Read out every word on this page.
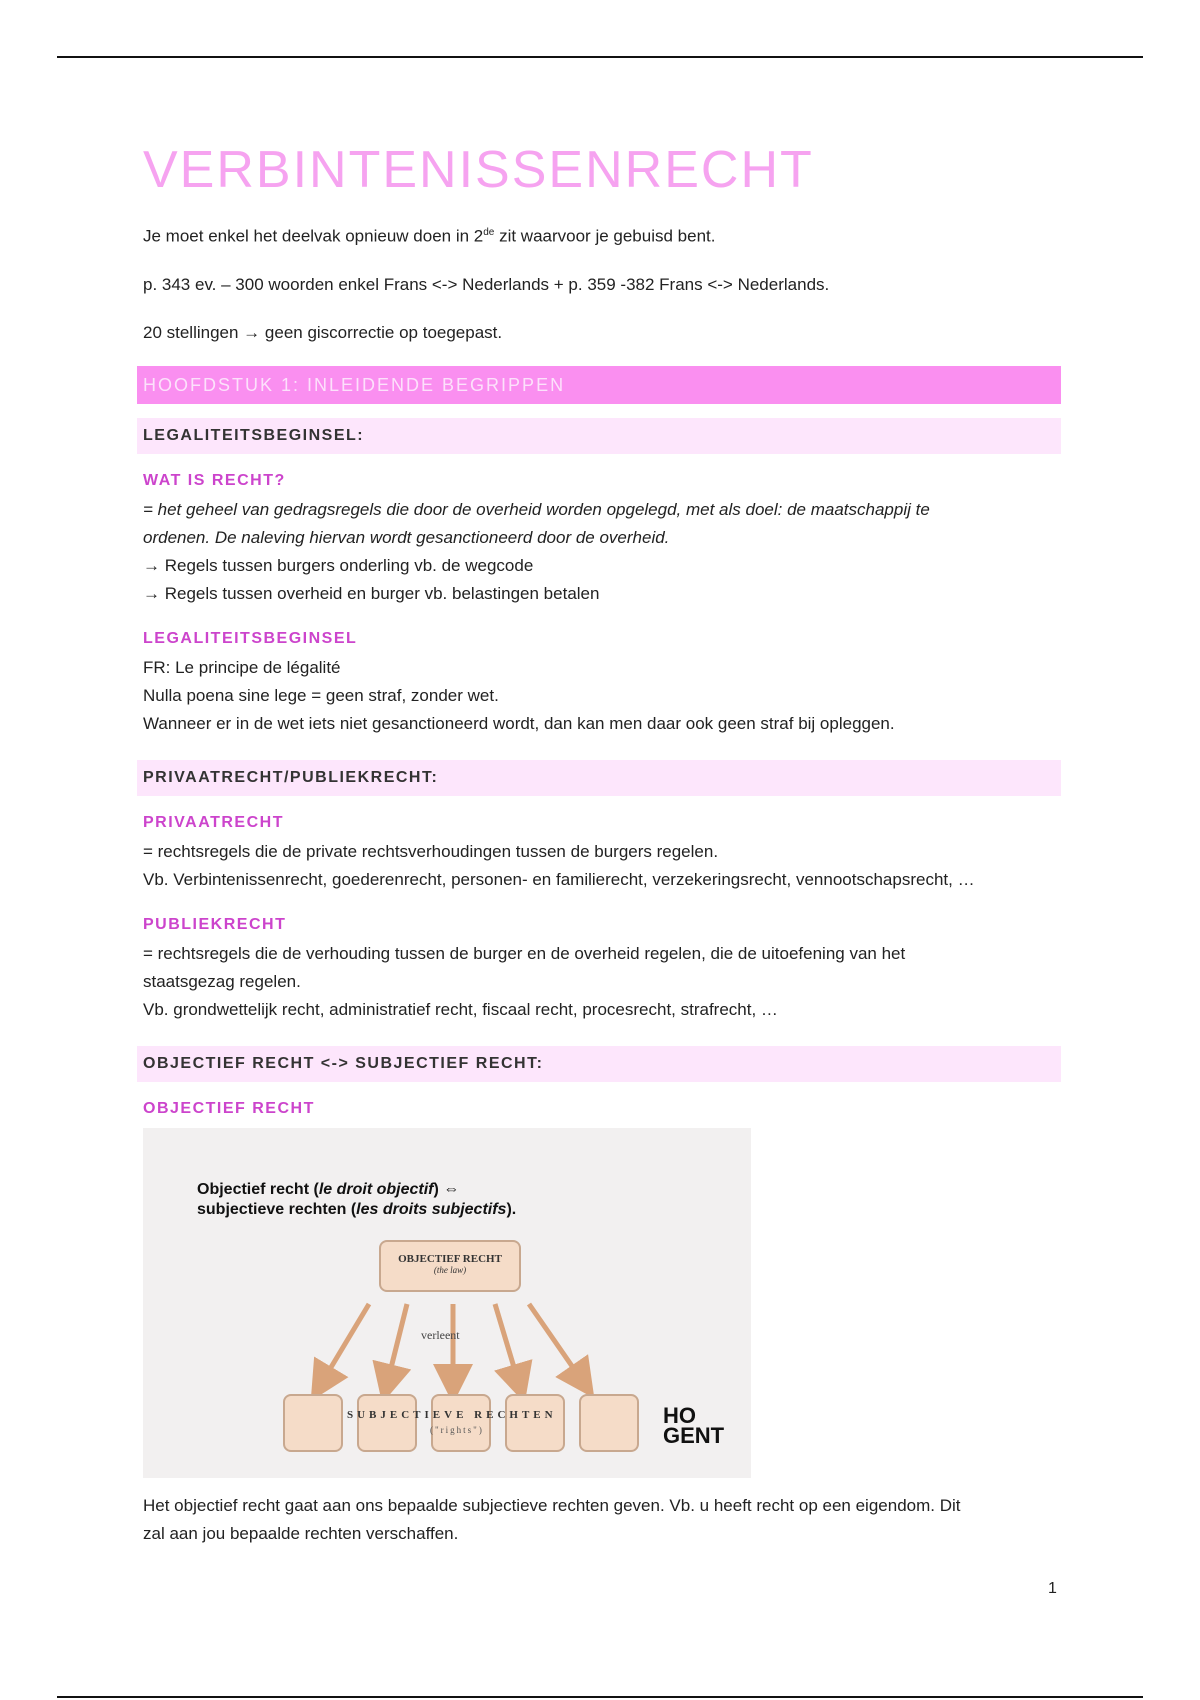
VERBINTENISSENRECHT

Je moet enkel het deelvak opnieuw doen in 2de zit waarvoor je gebuisd bent.

p. 343 ev. – 300 woorden enkel Frans <-> Nederlands + p. 359 -382 Frans <-> Nederlands.

20 stellingen → geen giscorrectie op toegepast.

HOOFDSTUK 1: INLEIDENDE BEGRIPPEN
LEGALITEITSBEGINSEL:
WAT IS RECHT?

= het geheel van gedragsregels die door de overheid worden opgelegd, met als doel: de maatschappij te

ordenen. De naleving hiervan wordt gesanctioneerd door de overheid.

→ Regels tussen burgers onderling vb. de wegcode

→ Regels tussen overheid en burger vb. belastingen betalen

LEGALITEITSBEGINSEL

FR: Le principe de légalité

Nulla poena sine lege = geen straf, zonder wet.

Wanneer er in de wet iets niet gesanctioneerd wordt, dan kan men daar ook geen straf bij opleggen.

PRIVAATRECHT/PUBLIEKRECHT:
PRIVAATRECHT

= rechtsregels die de private rechtsverhoudingen tussen de burgers regelen.

Vb. Verbintenissenrecht, goederenrecht, personen- en familierecht, verzekeringsrecht, vennootschapsrecht, …

PUBLIEKRECHT

= rechtsregels die de verhouding tussen de burger en de overheid regelen, die de uitoefening van het

staatsgezag regelen.

Vb. grondwettelijk recht, administratief recht, fiscaal recht, procesrecht, strafrecht, …

OBJECTIEF RECHT <-> SUBJECTIEF RECHT:
OBJECTIEF RECHT
Objectief recht (le droit objectif) ⇔
subjectieve rechten (les droits subjectifs).
OBJECTIEF RECHT
(the law)
verleent
SUBJECTIEVE RECHTEN
("rights")
HO
GENT

Het objectief recht gaat aan ons bepaalde subjectieve rechten geven. Vb. u heeft recht op een eigendom. Dit

zal aan jou bepaalde rechten verschaffen.

1
